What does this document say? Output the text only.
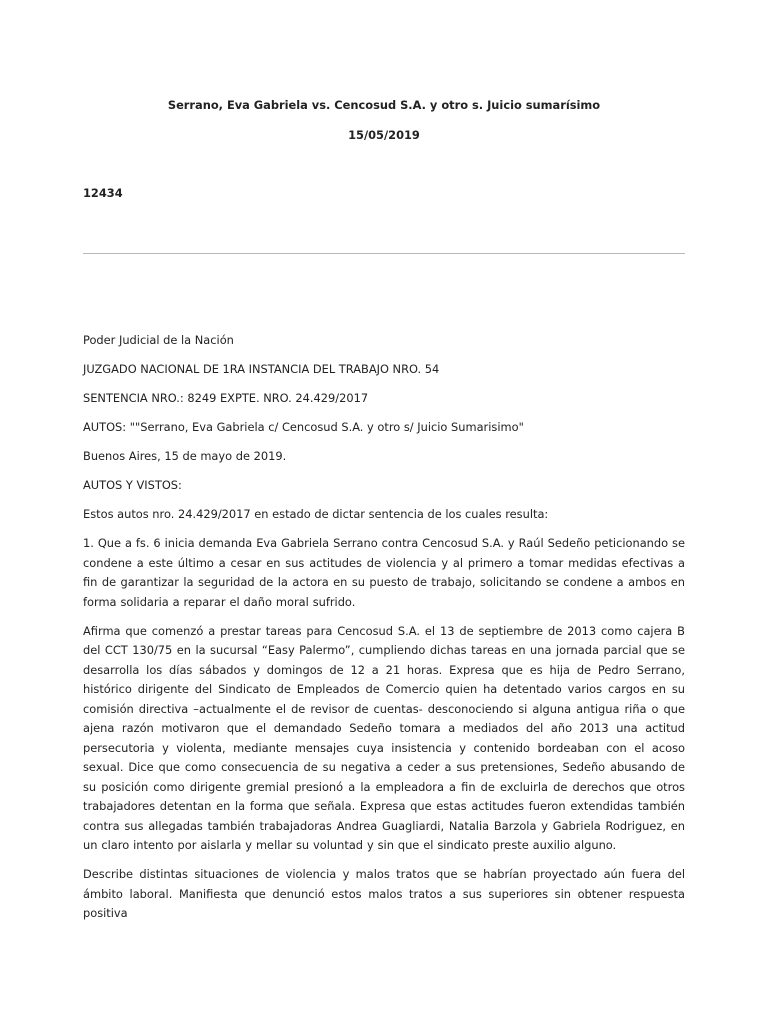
Serrano, Eva Gabriela vs. Cencosud S.A. y otro s. Juicio sumarísimo
15/05/2019
12434
Poder Judicial de la Nación
JUZGADO NACIONAL DE 1RA INSTANCIA DEL TRABAJO NRO. 54
SENTENCIA NRO.: 8249 EXPTE. NRO. 24.429/2017
AUTOS: ""Serrano, Eva Gabriela c/ Cencosud S.A. y otro s/ Juicio Sumarisimo"
Buenos Aires, 15 de mayo de 2019.
AUTOS Y VISTOS:
Estos autos nro. 24.429/2017 en estado de dictar sentencia de los cuales resulta:
1. Que a fs. 6 inicia demanda Eva Gabriela Serrano contra Cencosud S.A. y Raúl Sedeño peticionando se condene a este último a cesar en sus actitudes de violencia y al primero a tomar medidas efectivas a fin de garantizar la seguridad de la actora en su puesto de trabajo, solicitando se condene a ambos en forma solidaria a reparar el daño moral sufrido.
Afirma que comenzó a prestar tareas para Cencosud S.A. el 13 de septiembre de 2013 como cajera B del CCT 130/75 en la sucursal “Easy Palermo”, cumpliendo dichas tareas en una jornada parcial que se desarrolla los días sábados y domingos de 12 a 21 horas. Expresa que es hija de Pedro Serrano, histórico dirigente del Sindicato de Empleados de Comercio quien ha detentado varios cargos en su comisión directiva –actualmente el de revisor de cuentas- desconociendo si alguna antigua riña o que ajena razón motivaron que el demandado Sedeño tomara a mediados del año 2013 una actitud persecutoria y violenta, mediante mensajes cuya insistencia y contenido bordeaban con el acoso sexual. Dice que como consecuencia de su negativa a ceder a sus pretensiones, Sedeño abusando de su posición como dirigente gremial presionó a la empleadora a fin de excluirla de derechos que otros trabajadores detentan en la forma que señala. Expresa que estas actitudes fueron extendidas también contra sus allegadas también trabajadoras Andrea Guagliardi, Natalia Barzola y Gabriela Rodriguez, en un claro intento por aislarla y mellar su voluntad y sin que el sindicato preste auxilio alguno.
Describe distintas situaciones de violencia y malos tratos que se habrían proyectado aún fuera del ámbito laboral. Manifiesta que denunció estos malos tratos a sus superiores sin obtener respuesta positiva
